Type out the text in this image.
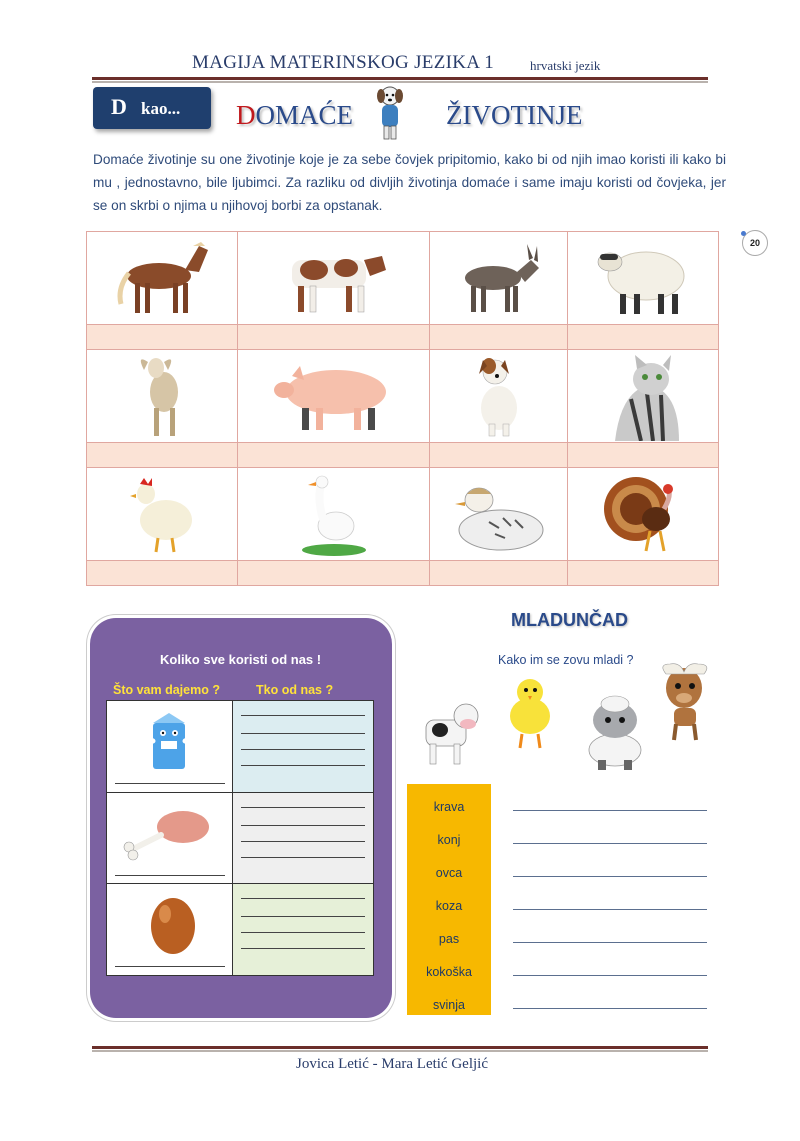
MAGIJA MATERINSKOG JEZIKA 1	hrvatski jezik
D kao... DOMAĆE	ŽIVOTINJE
Domaće životinje su one životinje koje je za sebe čovjek pripitomio, kako bi od njih imao koristi ili kako bi mu , jednostavno, bile ljubimci. Za razliku od divljih životinja domaće i same imaju koristi od čovjeka, jer se on skrbi o njima u njihovoj borbi za opstanak.
20

Koliko sve koristi od nas !
Što vam dajemo ?	Tko od nas ?

MLADUNČAD
Kako im se zovu mladi ?
krava
konj
ovca
koza
pas
kokoška
svinja
Jovica Letić - Mara Letić Geljić
